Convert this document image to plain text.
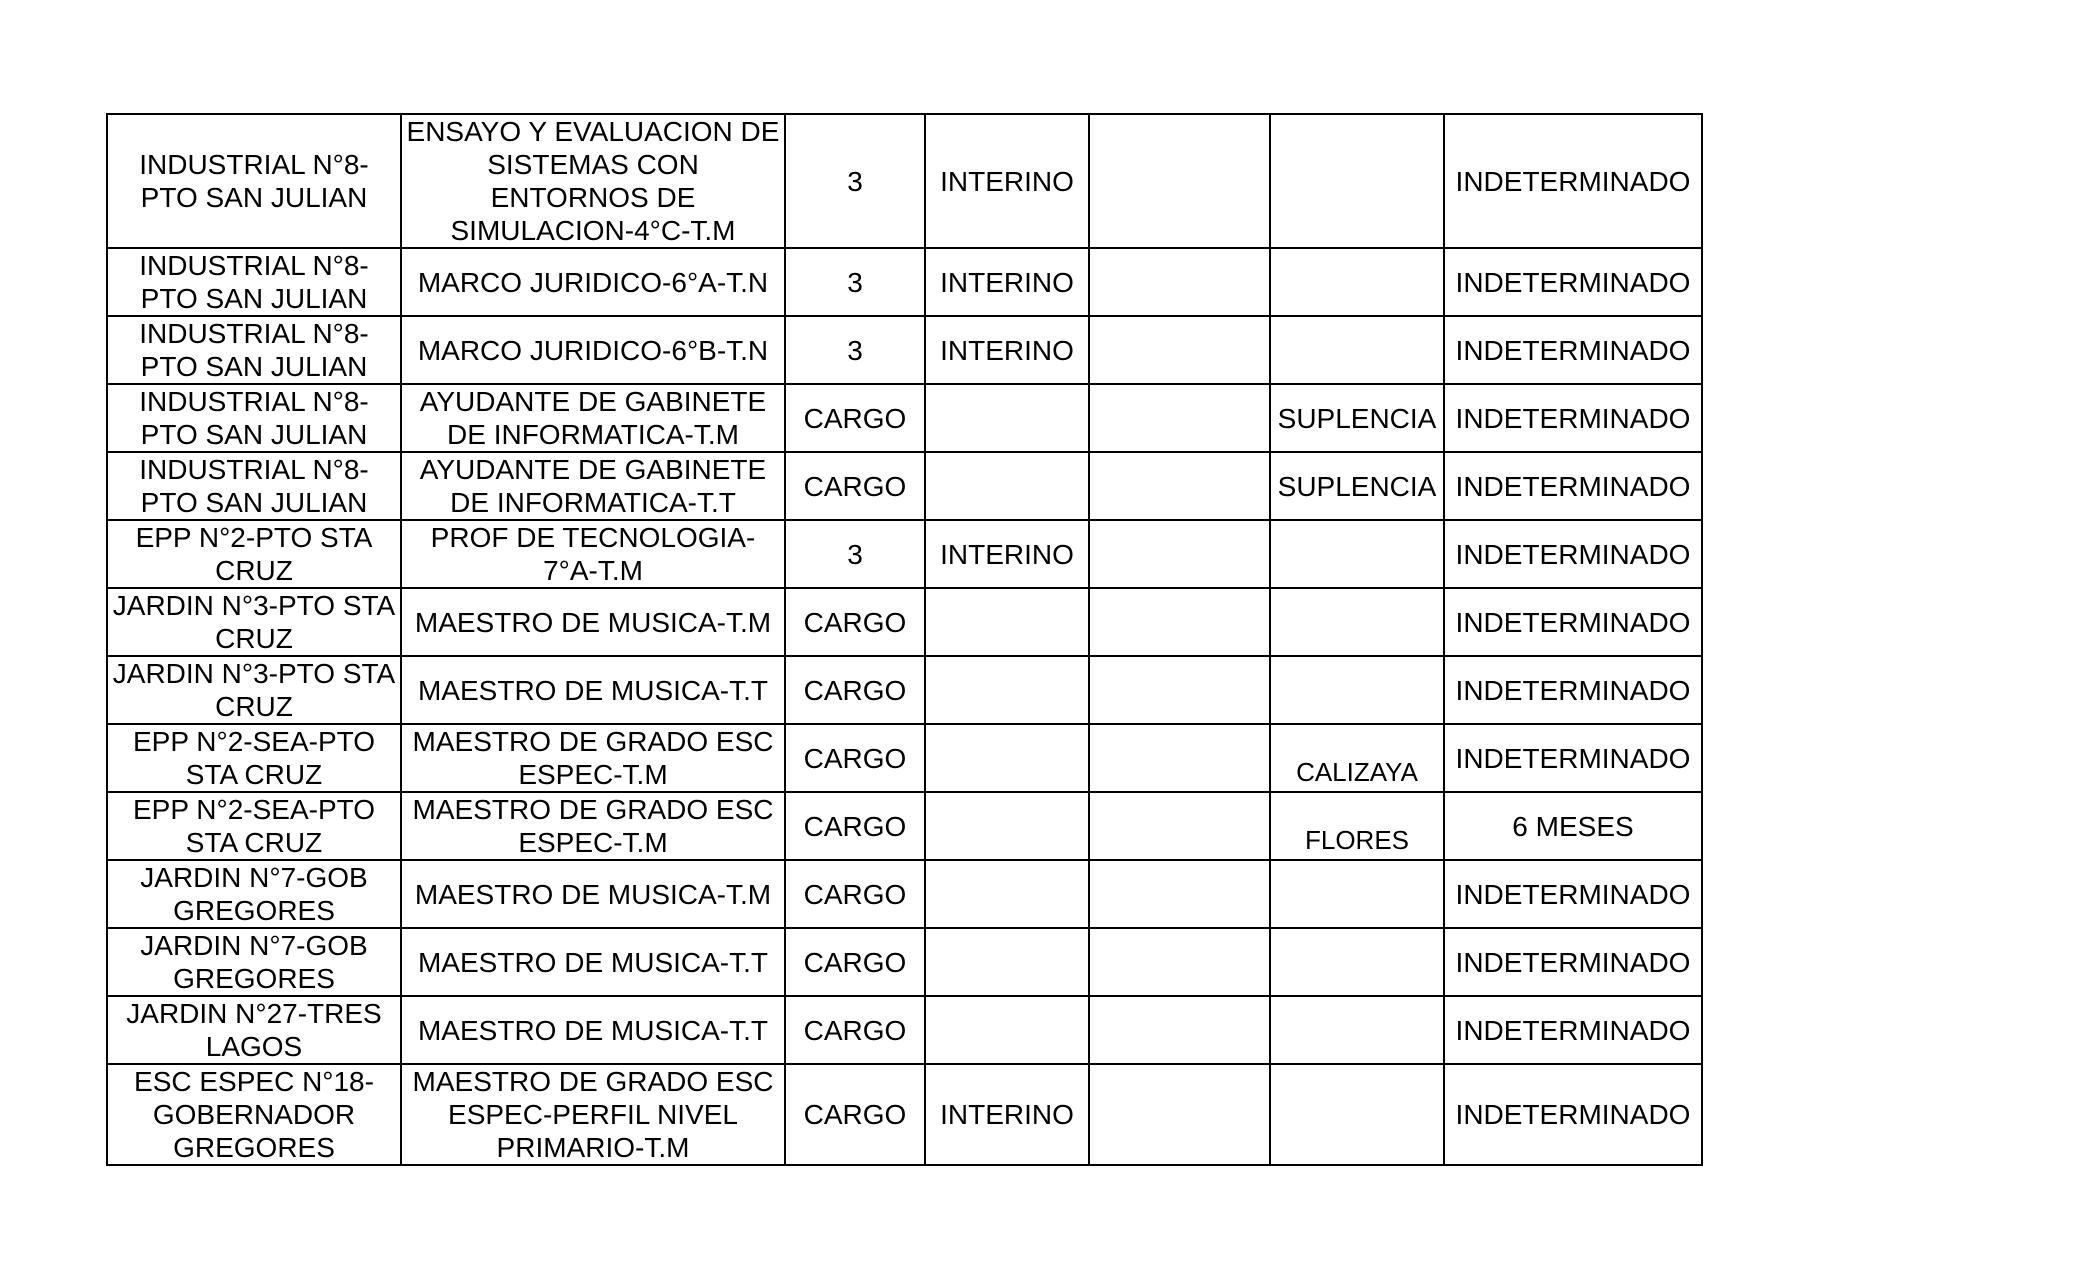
INDUSTRIAL N°8-PTO SAN JULIAN	ENSAYO Y EVALUACION DE SISTEMAS CON ENTORNOS DE SIMULACION-4°C-T.M	3	INTERINO			INDETERMINADO
INDUSTRIAL N°8-PTO SAN JULIAN	MARCO JURIDICO-6°A-T.N	3	INTERINO			INDETERMINADO
INDUSTRIAL N°8-PTO SAN JULIAN	MARCO JURIDICO-6°B-T.N	3	INTERINO			INDETERMINADO
INDUSTRIAL N°8-PTO SAN JULIAN	AYUDANTE DE GABINETE DE INFORMATICA-T.M	CARGO			SUPLENCIA	INDETERMINADO
INDUSTRIAL N°8-PTO SAN JULIAN	AYUDANTE DE GABINETE DE INFORMATICA-T.T	CARGO			SUPLENCIA	INDETERMINADO
EPP N°2-PTO STA CRUZ	PROF DE TECNOLOGIA-7°A-T.M	3	INTERINO			INDETERMINADO
JARDIN N°3-PTO STA CRUZ	MAESTRO DE MUSICA-T.M	CARGO				INDETERMINADO
JARDIN N°3-PTO STA CRUZ	MAESTRO DE MUSICA-T.T	CARGO				INDETERMINADO
EPP N°2-SEA-PTO STA CRUZ	MAESTRO DE GRADO ESC ESPEC-T.M	CARGO			CALIZAYA	INDETERMINADO
EPP N°2-SEA-PTO STA CRUZ	MAESTRO DE GRADO ESC ESPEC-T.M	CARGO			FLORES	6 MESES
JARDIN N°7-GOB GREGORES	MAESTRO DE MUSICA-T.M	CARGO				INDETERMINADO
JARDIN N°7-GOB GREGORES	MAESTRO DE MUSICA-T.T	CARGO				INDETERMINADO
JARDIN N°27-TRES LAGOS	MAESTRO DE MUSICA-T.T	CARGO				INDETERMINADO
ESC ESPEC N°18-GOBERNADOR GREGORES	MAESTRO DE GRADO ESC ESPEC-PERFIL NIVEL PRIMARIO-T.M	CARGO	INTERINO			INDETERMINADO
